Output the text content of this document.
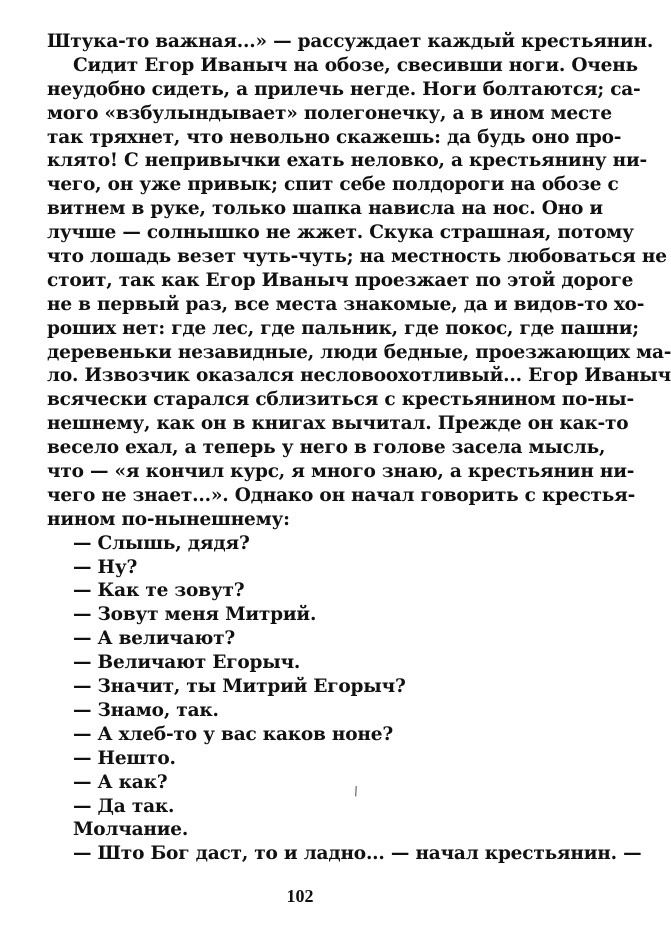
Штука-то важная...» — рассуждает каждый крестьянин.
Сидит Егор Иваныч на обозе, свесивши ноги. Очень
неудобно сидеть, а прилечь негде. Ноги болтаются; са-
мого «взбулындывает» полегонечку, а в ином месте
так тряхнет, что невольно скажешь: да будь оно про-
клято! С непривычки ехать неловко, а крестьянину ни-
чего, он уже привык; спит себе полдороги на обозе с
витнем в руке, только шапка нависла на нос. Оно и
лучше — солнышко не жжет. Скука страшная, потому
что лошадь везет чуть-чуть; на местность любоваться не
стоит, так как Егор Иваныч проезжает по этой дороге
не в первый раз, все места знакомые, да и видов-то хо-
роших нет: где лес, где пальник, где покос, где пашни;
деревеньки незавидные, люди бедные, проезжающих ма-
ло. Извозчик оказался несловоохотливый... Егор Иваныч
всячески старался сблизиться с крестьянином по-ны-
нешнему, как он в книгах вычитал. Прежде он как-то
весело ехал, а теперь у него в голове засела мысль,
что — «я кончил курс, я много знаю, а крестьянин ни-
чего не знает...». Однако он начал говорить с крестья-
нином по-нынешнему:
— Слышь, дядя?
— Ну?
— Как те зовут?
— Зовут меня Митрий.
— А величают?
— Величают Егорыч.
— Значит, ты Митрий Егорыч?
— Знамо, так.
— А хлеб-то у вас каков ноне?
— Нешто.
— А как?
— Да так.
Молчание.
— Што Бог даст, то и ладно... — начал крестьянин. —
\
102
